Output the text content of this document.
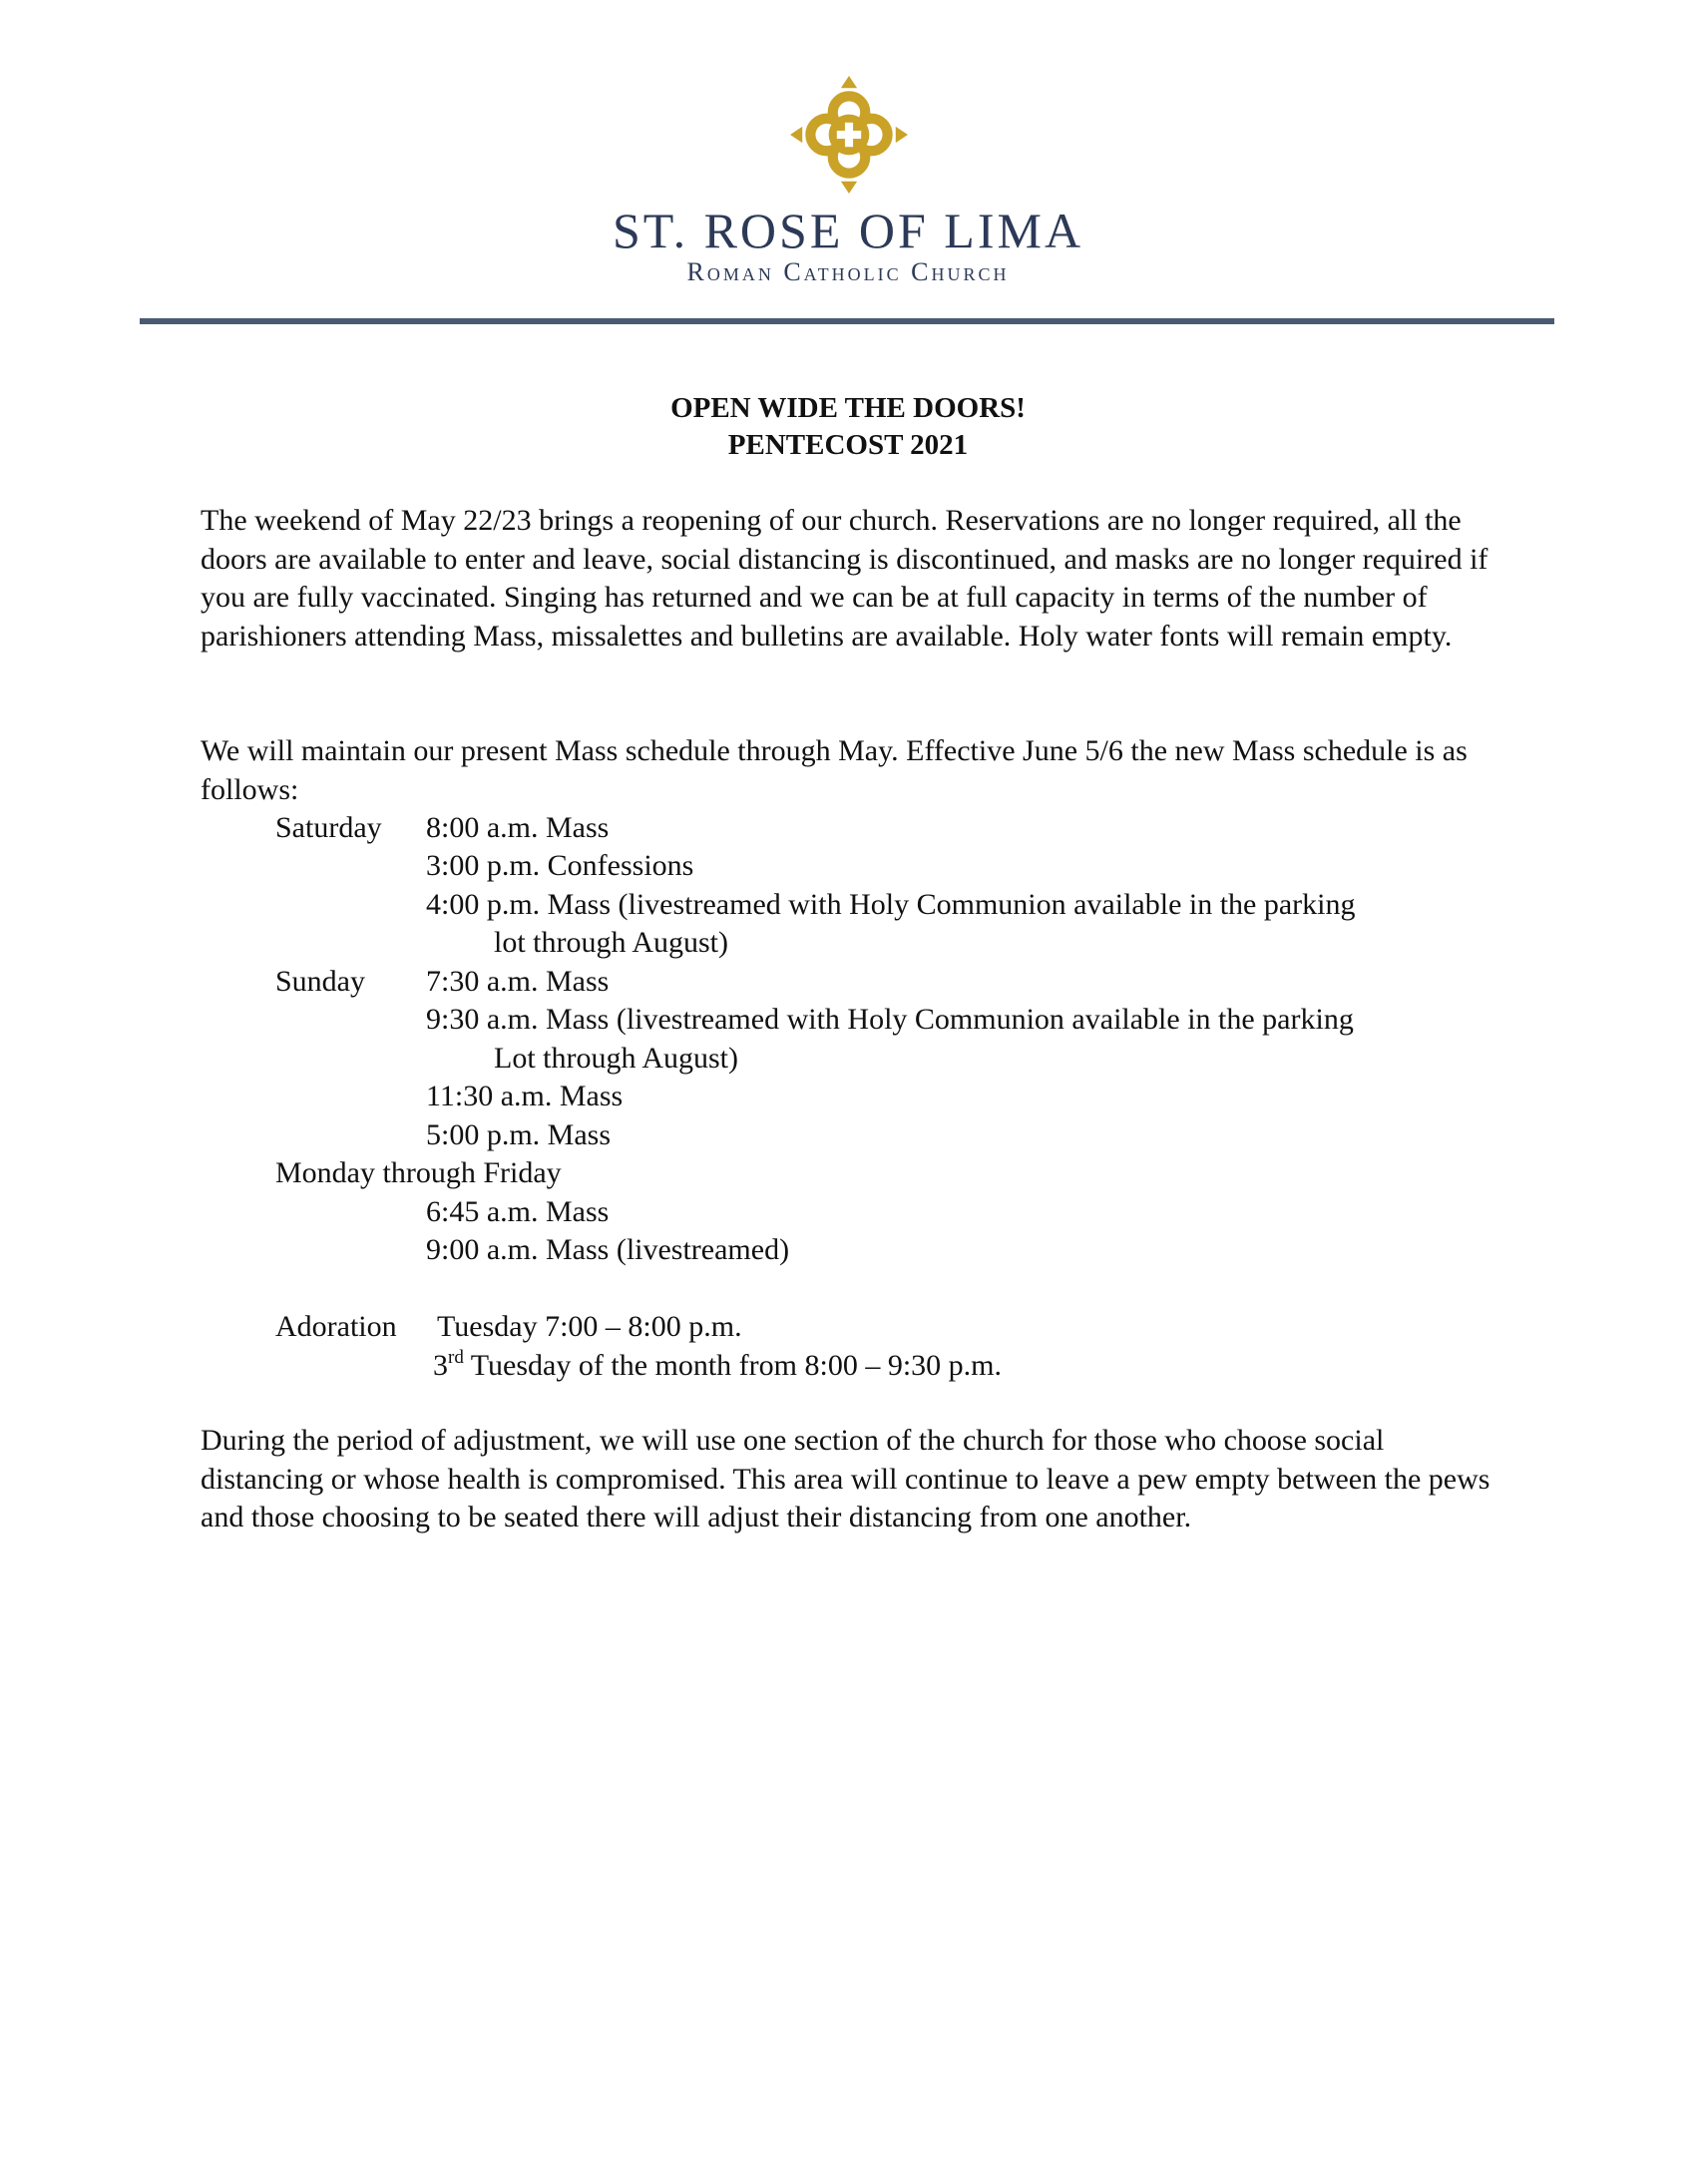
ST. ROSE OF LIMA
Roman Catholic Church
OPEN WIDE THE DOORS!
PENTECOST 2021
The weekend of May 22/23 brings a reopening of our church. Reservations are no longer required, all the doors are available to enter and leave, social distancing is discontinued, and masks are no longer required if you are fully vaccinated. Singing has returned and we can be at full capacity in terms of the number of parishioners attending Mass, missalettes and bulletins are available. Holy water fonts will remain empty.
We will maintain our present Mass schedule through May. Effective June 5/6 the new Mass schedule is as follows:
Saturday 8:00 a.m. Mass
3:00 p.m. Confessions
4:00 p.m. Mass (livestreamed with Holy Communion available in the parking
lot through August)
Sunday 7:30 a.m. Mass
9:30 a.m. Mass (livestreamed with Holy Communion available in the parking
Lot through August)
11:30 a.m. Mass
5:00 p.m. Mass
Monday through Friday
6:45 a.m. Mass
9:00 a.m. Mass (livestreamed)
Adoration Tuesday 7:00 – 8:00 p.m.
3rd Tuesday of the month from 8:00 – 9:30 p.m.
During the period of adjustment, we will use one section of the church for those who choose social distancing or whose health is compromised. This area will continue to leave a pew empty between the pews and those choosing to be seated there will adjust their distancing from one another.
